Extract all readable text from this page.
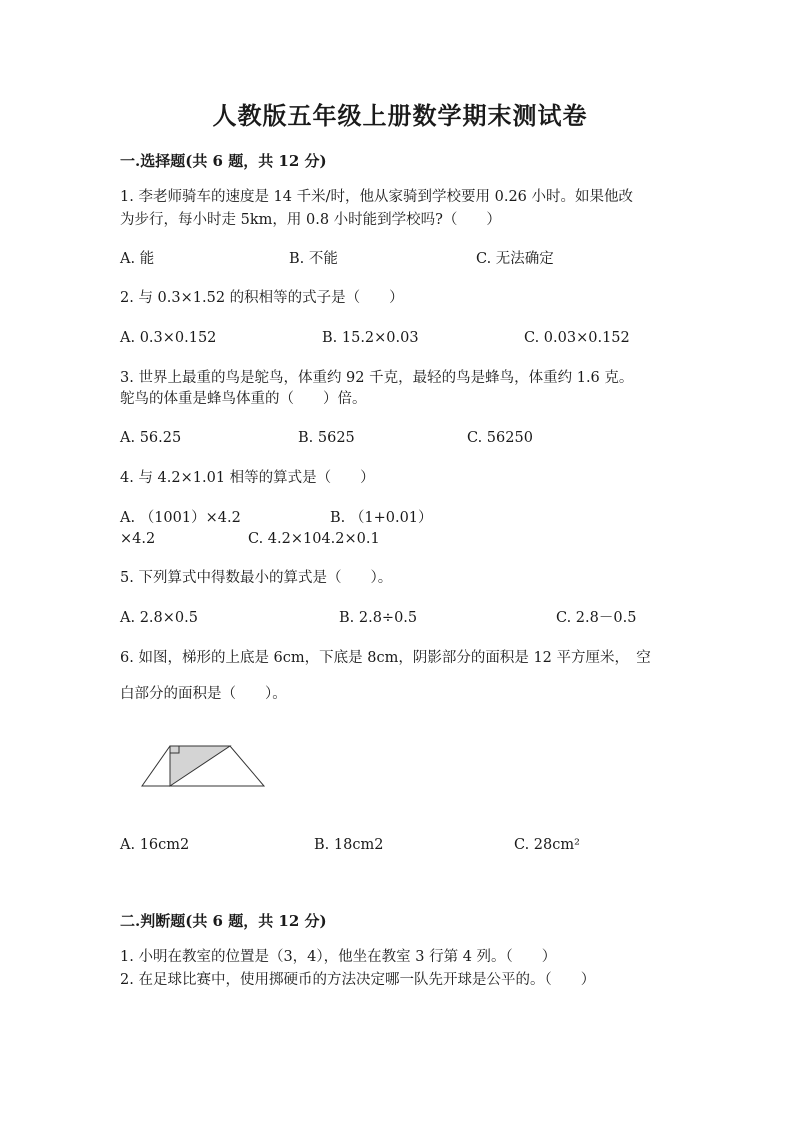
人教版五年级上册数学期末测试卷
一.选择题(共 6 题，共 12 分)
1. 李老师骑车的速度是 14 千米/时，他从家骑到学校要用 0.26 小时。如果他改
为步行，每小时走 5km，用 0.8 小时能到学校吗?（　　）
A. 能	B. 不能	C. 无法确定
2. 与 0.3×1.52 的积相等的式子是（　　）
A. 0.3×0.152	B. 15.2×0.03	C. 0.03×0.152
3. 世界上最重的鸟是鸵鸟，体重约 92 千克，最轻的鸟是蜂鸟，体重约 1.6 克。
鸵鸟的体重是蜂鸟体重的（　　）倍。
A. 56.25	B. 5625	C. 56250
4. 与 4.2×1.01 相等的算式是（　　）
A. （1001）×4.2	B. （1+0.01）
×4.2	C. 4.2×104.2×0.1
5. 下列算式中得数最小的算式是（　　）。
A. 2.8×0.5	B. 2.8÷0.5	C. 2.8－0.5
6. 如图，梯形的上底是 6cm，下底是 8cm，阴影部分的面积是 12 平方厘米，　空
白部分的面积是（　　）。
A. 16cm2	B. 18cm2	C. 28cm²
二.判断题(共 6 题，共 12 分)
1. 小明在教室的位置是（3，4），他坐在教室 3 行第 4 列。（　　）
2. 在足球比赛中，使用掷硬币的方法决定哪一队先开球是公平的。（　　）
